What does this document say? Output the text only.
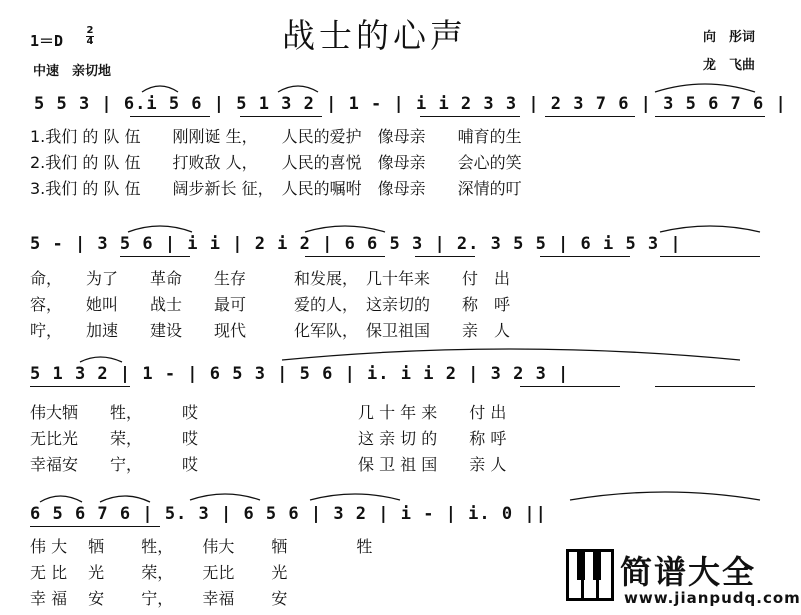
1＝D
2
4
中速　亲切地
战士的心声	向　彤词
龙　飞曲
5 5 3 | 6.i 5 6 | 5 1 3 2 | 1 - | i i 2 3 3 | 2 3 7 6 | 3 5 6 7 6 |
1.我们 的 队 伍　　刚刚诞 生，　　人民的爱护　像母亲　　哺育的生
2.我们 的 队 伍　　打败敌 人，　　人民的喜悦　像母亲　　会心的笑
3.我们 的 队 伍　　阔步新长 征，　人民的嘱咐　像母亲　　深情的叮
5 - | 3 5 6 | i i | 2 i 2 | 6 6 5 3 | 2. 3 5 5 | 6 i 5 3 |
命，　　为了　　革命　　生存　　　和发展，　几十年来　　付　出
容，　　她叫　　战士　　最可　　　爱的人，　这亲切的　　称　呼
咛，　　加速　　建设　　现代　　　化军队，　保卫祖国　　亲　人
5 1 3 2 | 1 - | 6 5 3 | 5 6 | i. i i 2 | 3 2 3 |
伟大牺　　牲，　　　哎　　　　　　　　　　几 十 年 来　　付 出
无比光　　荣，　　　哎　　　　　　　　　　这 亲 切 的　　称 呼
幸福安　　宁，　　　哎　　　　　　　　　　保 卫 祖 国　　亲 人
6 5 6 7 6 | 5. 3 | 6 5 6 | 3 2 | i - | i. 0 ||
伟 大　 牺　　 牲，　　 伟大　　 牺　　　　 牲
无 比　 光　　 荣，　　 无比　　 光
幸 福　 安　　 宁，　　 幸福　　 安
简谱大全
www.jianpudq.com
